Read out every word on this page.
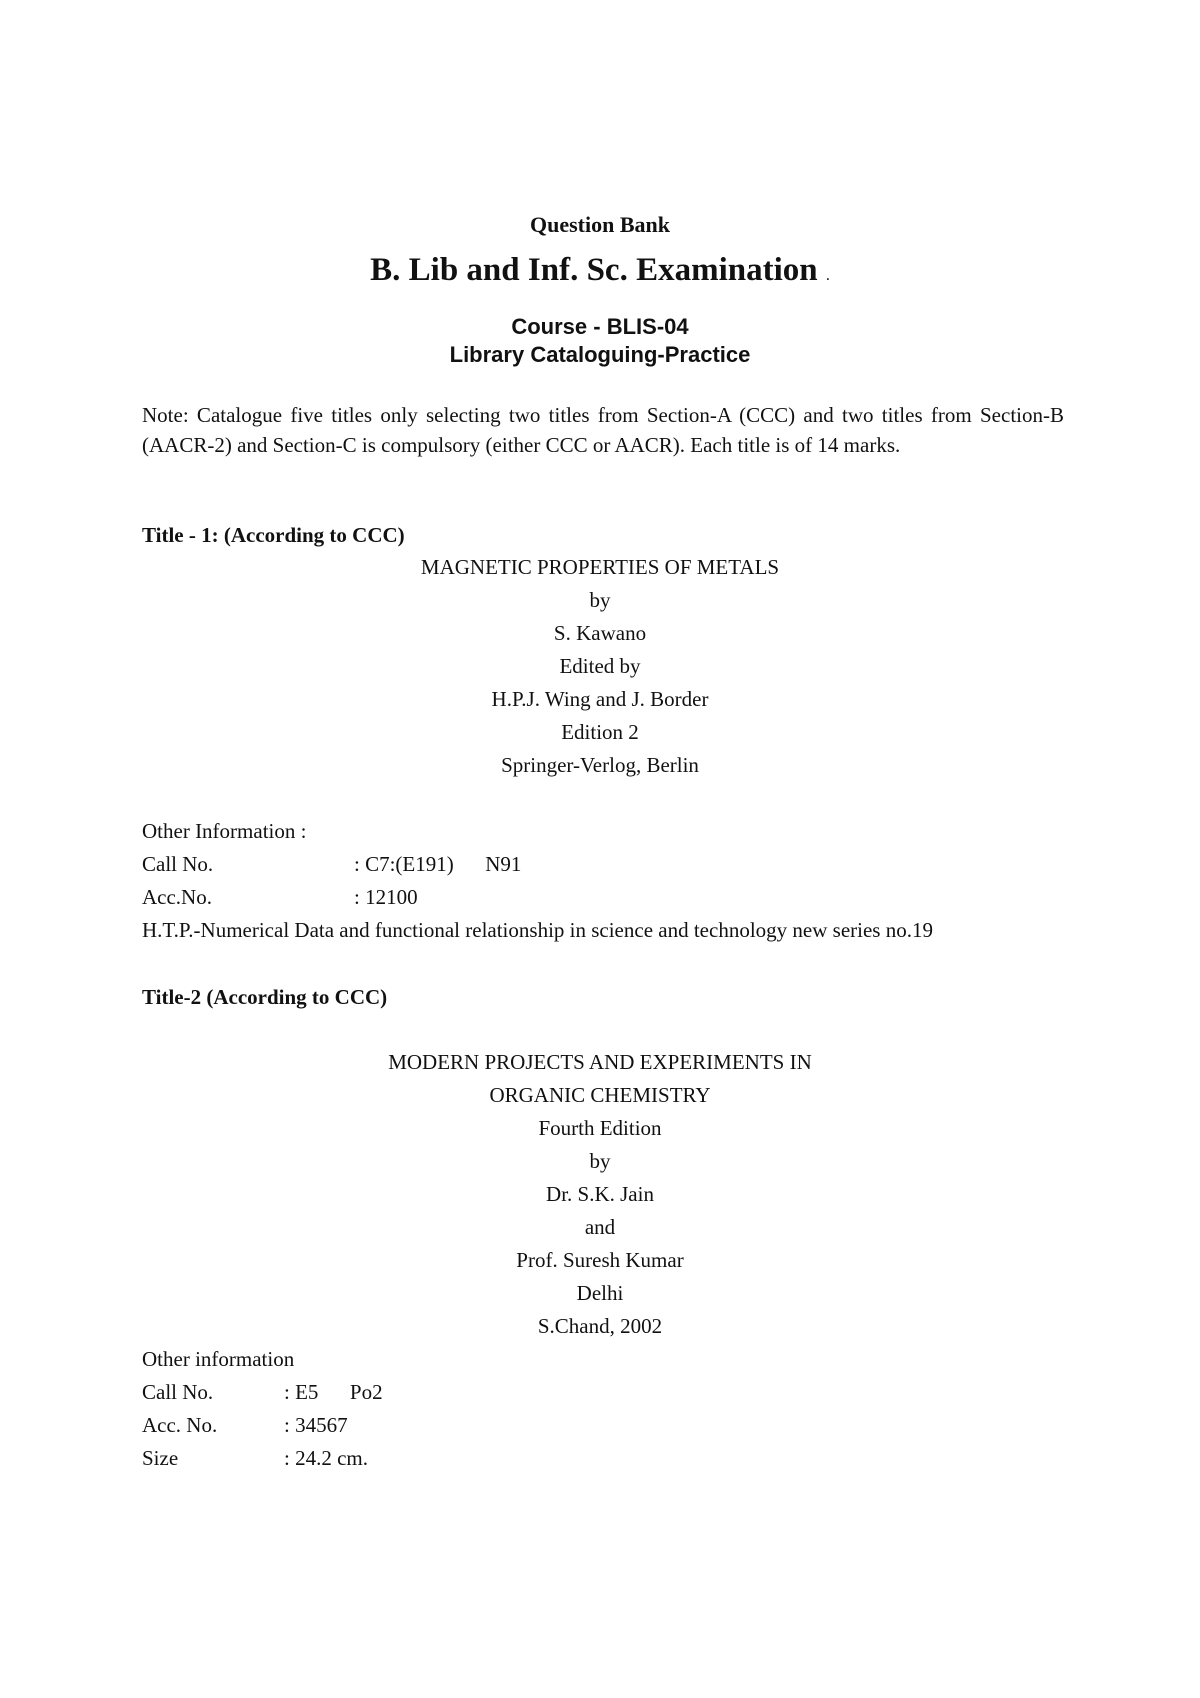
Question Bank
B. Lib and Inf. Sc. Examination .
Course - BLIS-04
Library Cataloguing-Practice
Note: Catalogue five titles only selecting two titles from Section-A (CCC) and two titles from Section-B (AACR-2) and Section-C is compulsory (either CCC or AACR). Each title is of 14 marks.
Title - 1: (According to CCC)
MAGNETIC PROPERTIES OF METALS
by
S. Kawano
Edited by
H.P.J. Wing and J. Border
Edition 2
Springer-Verlog, Berlin
Other Information :
Call No.	: C7:(E191)      N91
Acc.No.	: 12100
H.T.P.-Numerical Data and functional relationship in science and technology new series no.19
Title-2 (According to CCC)
MODERN PROJECTS AND EXPERIMENTS IN
ORGANIC CHEMISTRY
Fourth Edition
by
Dr. S.K. Jain
and
Prof. Suresh Kumar
Delhi
S.Chand, 2002
Other information
Call No.	: E5      Po2
Acc. No.	: 34567
Size	: 24.2 cm.
